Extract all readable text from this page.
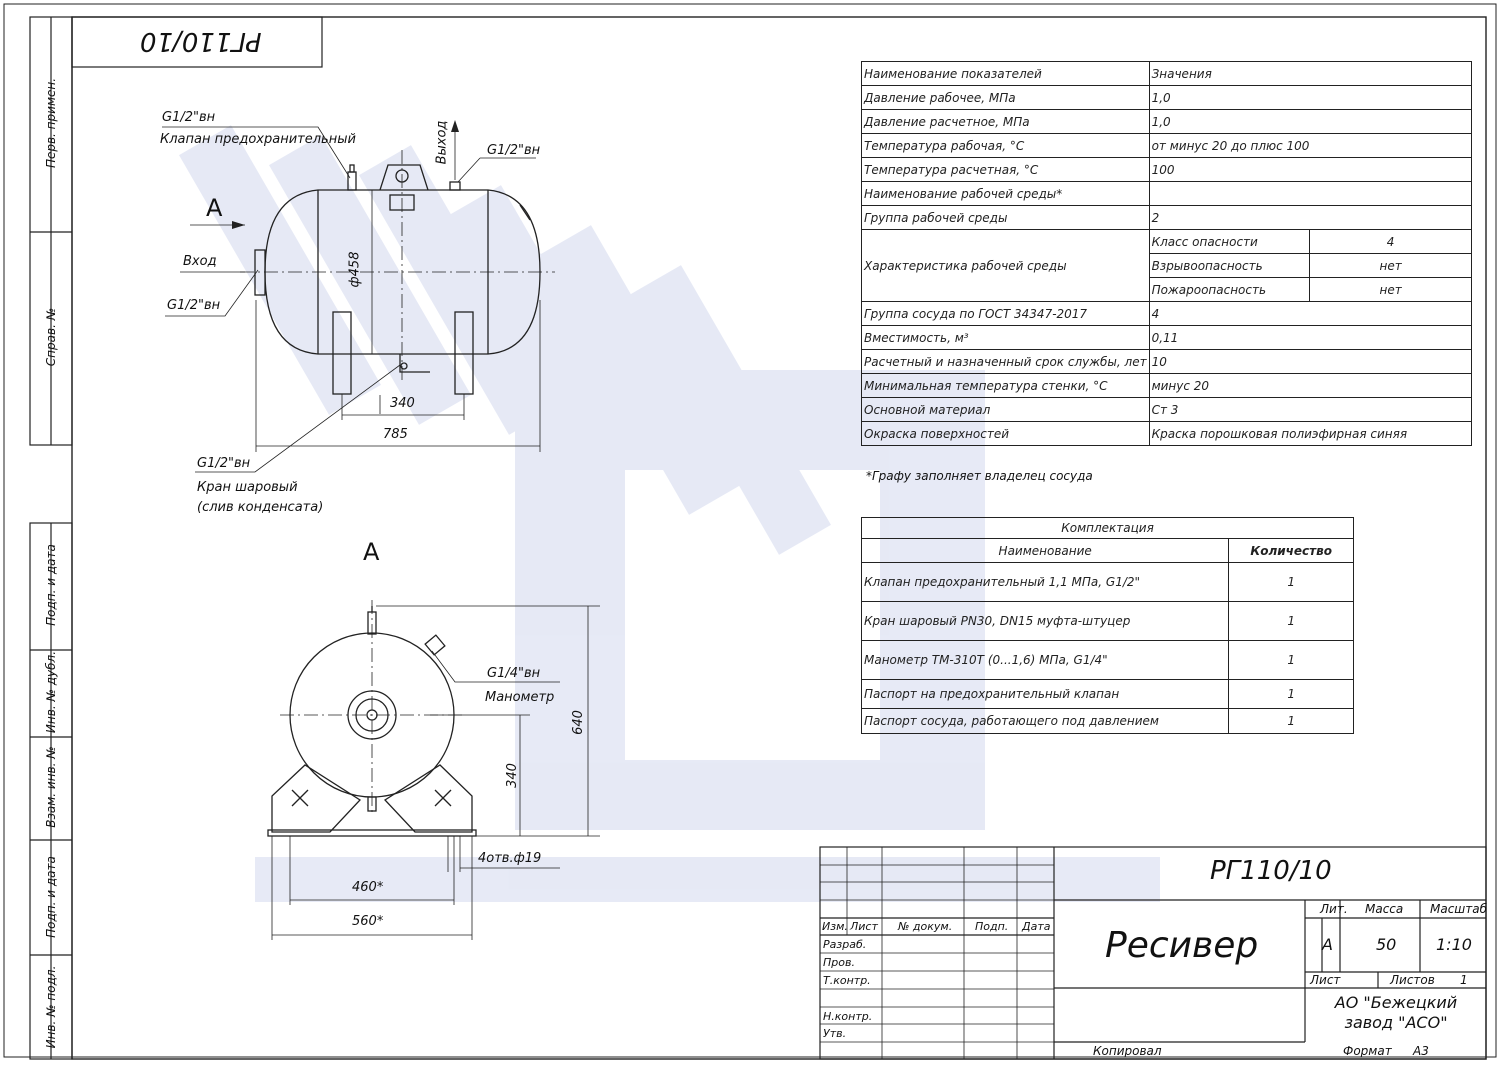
РГ110/10
Перв. примен.
Справ. №
Подп. и дата
Инв. № дубл.
Взам. инв. №
Подп. и дата
Инв. № подл.
А
А
G1/2"вн
Клапан предохранительный	Выход	G1/2"вн
Вход
G1/2"вн
ф458
340
785
G1/2"вн
Кран шаровый
(слив конденсата)
G1/4"вн
Манометр
640
340
4отв.ф19
460*
560*
Наименование показателей	Значения	
Давление рабочее, МПа	1,0	
Давление расчетное, МПа	1,0	
Температура рабочая, °С	от минус 20 до плюс 100	
Температура расчетная, °С	100	
Наименование рабочей среды*		
Группа рабочей среды	2	
Характеристика рабочей среды	Класс опасности	4
	Взрывоопасность	нет
	Пожароопасность	нет
Группа сосуда по ГОСТ 34347-2017	4	
Вместимость, м³	0,11	
Расчетный и назначенный срок службы, лет	10	
Минимальная температура стенки, °С	минус 20	
Основной материал	Ст 3	
Окраска поверхностей	Краска порошковая полиэфирная синяя	
*Графу заполняет владелец сосуда
Комплектация	
Наименование	Количество
Клапан предохранительный 1,1 МПа, G1/2"	1
Кран шаровый PN30, DN15 муфта-штуцер	1
Манометр ТМ-310Т (0...1,6) МПа, G1/4"	1
Паспорт на предохранительный клапан	1
Паспорт сосуда, работающего под давлением	1
РГ110/10
Ресивер
Изм. Лист № докум. Подп. Дата
Разраб.
Пров.
Т.контр.
Н.контр.
Утв.
Лит. Масса Масштаб
А	50 1:10
Лист	Листов 1
АО "Бежецкий завод "АСО"
Копировал	Формат А3
